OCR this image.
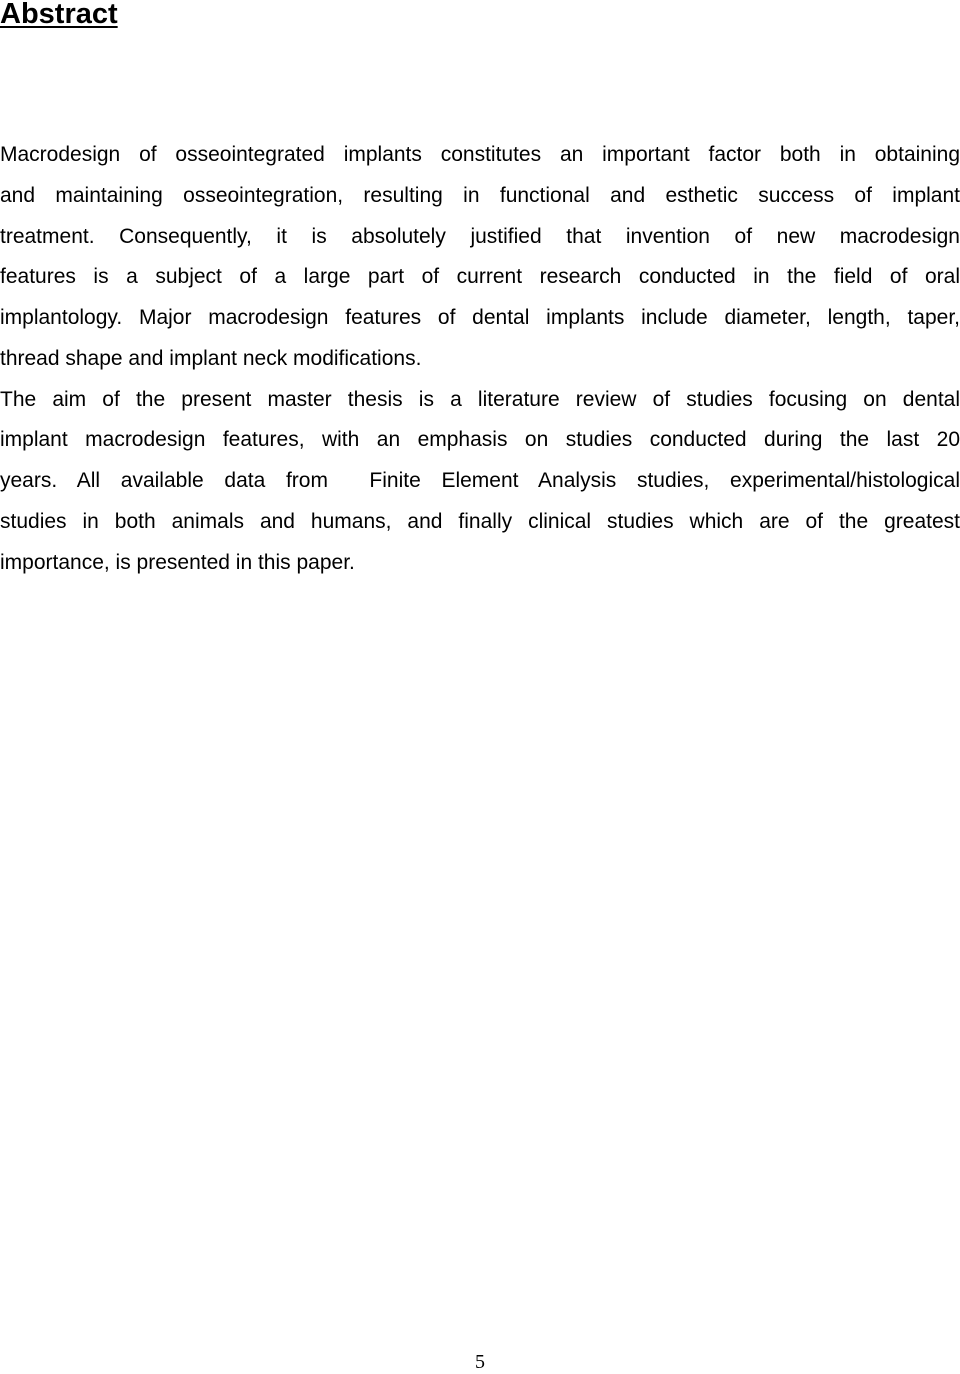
Abstract
Macrodesign of osseointegrated implants constitutes an important factor both in obtaining
and maintaining osseointegration, resulting in functional and esthetic success of implant
treatment. Consequently, it is absolutely justified that invention of new macrodesign
features is a subject of a large part of current research conducted in the field of oral
implantology. Major macrodesign features of dental implants include diameter, length, taper,
thread shape and implant neck modifications.
The aim of the present master thesis is a literature review of studies focusing on dental
implant macrodesign features, with an emphasis on studies conducted during the last 20
years. All available data from  Finite Element Analysis studies, experimental/histological
studies in both animals and humans, and finally clinical studies which are of the greatest
importance, is presented in this paper.
5
